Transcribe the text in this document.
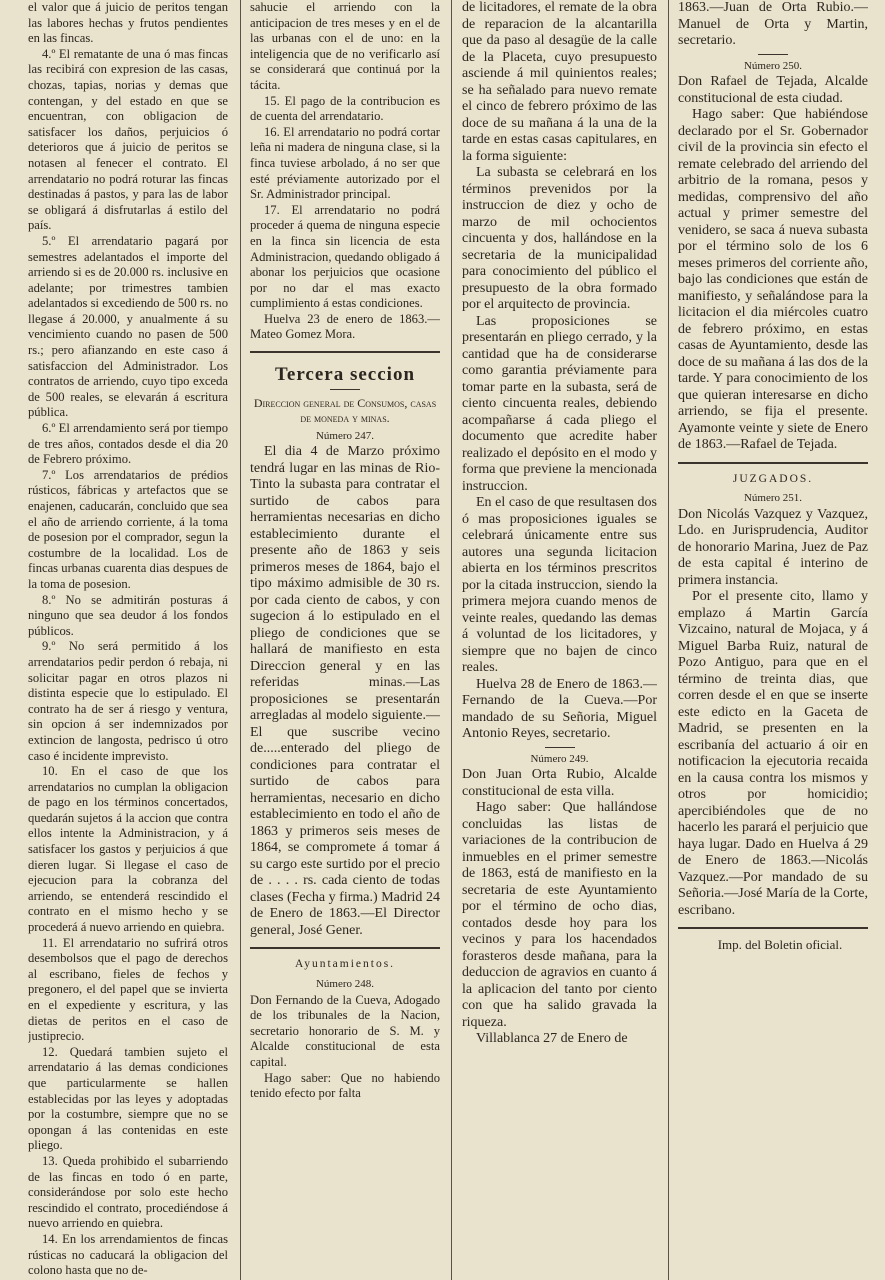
el valor que á juicio de peritos tengan las labores hechas y frutos pendientes en las fincas.

4.º El rematante de una ó mas fincas las recibirá con expresion de las casas, chozas, tapias, norias y demas que contengan, y del estado en que se encuentran, con obligacion de satisfacer los daños, perjuicios ó deterioros que á juicio de peritos se notasen al fenecer el contrato. El arrendatario no podrá roturar las fincas destinadas á pastos, y para las de labor se obligará á disfrutarlas á estilo del país.

5.º El arrendatario pagará por semestres adelantados el importe del arriendo si es de 20.000 rs. inclusive en adelante; por trimestres tambien adelantados si excediendo de 500 rs. no llegase á 20.000, y anualmente á su vencimiento cuando no pasen de 500 rs.; pero afianzando en este caso á satisfaccion del Administrador. Los contratos de arriendo, cuyo tipo exceda de 500 reales, se elevarán á escritura pública.

6.º El arrendamiento será por tiempo de tres años, contados desde el dia 20 de Febrero próximo.

7.º Los arrendatarios de prédios rústicos, fábricas y artefactos que se enajenen, caducarán, concluido que sea el año de arriendo corriente, á la toma de posesion por el comprador, segun la costumbre de la localidad. Los de fincas urbanas cuarenta dias despues de la toma de posesion.

8.º No se admitirán posturas á ninguno que sea deudor á los fondos públicos.

9.º No será permitido á los arrendatarios pedir perdon ó rebaja, ni solicitar pagar en otros plazos ni distinta especie que lo estipulado. El contrato ha de ser á riesgo y ventura, sin opcion á ser indemnizados por extincion de langosta, pedrisco ú otro caso é incidente imprevisto.

10. En el caso de que los arrendatarios no cumplan la obligacion de pago en los términos concertados, quedarán sujetos á la accion que contra ellos intente la Administracion, y á satisfacer los gastos y perjuicios á que dieren lugar. Si llegase el caso de ejecucion para la cobranza del arriendo, se entenderá rescindido el contrato en el mismo hecho y se procederá á nuevo arriendo en quiebra.

11. El arrendatario no sufrirá otros desembolsos que el pago de derechos al escribano, fieles de fechos y pregonero, el del papel que se invierta en el expediente y escritura, y las dietas de peritos en el caso de justiprecio.

12. Quedará tambien sujeto el arrendatario á las demas condiciones que particularmente se hallen establecidas por las leyes y adoptadas por la costumbre, siempre que no se opongan á las contenidas en este pliego.

13. Queda prohibido el subarriendo de las fincas en todo ó en parte, considerándose por solo este hecho rescindido el contrato, procediéndose á nuevo arriendo en quiebra.

14. En los arrendamientos de fincas rústicas no caducará la obligacion del colono hasta que no de-

sahucie el arriendo con la anticipacion de tres meses y en el de las urbanas con el de uno: en la inteligencia que de no verificarlo así se considerará que continuá por la tácita.

15. El pago de la contribucion es de cuenta del arrendatario.

16. El arrendatario no podrá cortar leña ni madera de ninguna clase, si la finca tuviese arbolado, á no ser que esté préviamente autorizado por el Sr. Administrador principal.

17. El arrendatario no podrá proceder á quema de ninguna especie en la finca sin licencia de esta Administracion, quedando obligado á abonar los perjuicios que ocasione por no dar el mas exacto cumplimiento á estas condiciones.

Huelva 23 de enero de 1863.—Mateo Gomez Mora.

Tercera seccion
Direccion general de Consumos, casas de moneda y minas.

Número 247.

El dia 4 de Marzo próximo tendrá lugar en las minas de Rio-Tinto la subasta para contratar el surtido de cabos para herramientas necesarias en dicho establecimiento durante el presente año de 1863 y seis primeros meses de 1864, bajo el tipo máximo admisible de 30 rs. por cada ciento de cabos, y con sugecion á lo estipulado en el pliego de condiciones que se hallará de manifiesto en esta Direccion general y en las referidas minas.—Las proposiciones se presentarán arregladas al modelo siguiente.—El que suscribe vecino de.....enterado del pliego de condiciones para contratar el surtido de cabos para herramientas, necesario en dicho establecimiento en todo el año de 1863 y primeros seis meses de 1864, se compromete á tomar á su cargo este surtido por el precio de . . . . rs. cada ciento de todas clases (Fecha y firma.) Madrid 24 de Enero de 1863.—El Director general, José Gener.

Ayuntamientos.

Número 248.

Don Fernando de la Cueva, Adogado de los tribunales de la Nacion, secretario honorario de S. M. y Alcalde constitucional de esta capital.

Hago saber: Que no habiendo tenido efecto por falta

de licitadores, el remate de la obra de reparacion de la alcantarilla que da paso al desagüe de la calle de la Placeta, cuyo presupuesto asciende á mil quinientos reales; se ha señalado para nuevo remate el cinco de febrero próximo de las doce de su mañana á la una de la tarde en estas casas capitulares, en la forma siguiente:

La subasta se celebrará en los términos prevenidos por la instruccion de diez y ocho de marzo de mil ochocientos cincuenta y dos, hallándose en la secretaria de la municipalidad para conocimiento del público el presupuesto de la obra formado por el arquitecto de provincia.

Las proposiciones se presentarán en pliego cerrado, y la cantidad que ha de considerarse como garantia préviamente para tomar parte en la subasta, será de ciento cincuenta reales, debiendo acompañarse á cada pliego el documento que acredite haber realizado el depósito en el modo y forma que previene la mencionada instruccion.

En el caso de que resultasen dos ó mas proposiciones iguales se celebrará únicamente entre sus autores una segunda licitacion abierta en los términos prescritos por la citada instruccion, siendo la primera mejora cuando menos de veinte reales, quedando las demas á voluntad de los licitadores, y siempre que no bajen de cinco reales.

Huelva 28 de Enero de 1863.—Fernando de la Cueva.—Por mandado de su Señoria, Miguel Antonio Reyes, secretario.

Número 249.

Don Juan Orta Rubio, Alcalde constitucional de esta villa.

Hago saber: Que hallándose concluidas las listas de variaciones de la contribucion de inmuebles en el primer semestre de 1863, está de manifiesto en la secretaria de este Ayuntamiento por el término de ocho dias, contados desde hoy para los vecinos y para los hacendados forasteros desde mañana, para la deduccion de agravios en cuanto á la aplicacion del tanto por ciento con que ha salido gravada la riqueza.

Villablanca 27 de Enero de

1863.—Juan de Orta Rubio.—Manuel de Orta y Martin, secretario.

Número 250.

Don Rafael de Tejada, Alcalde constitucional de esta ciudad.

Hago saber: Que habiéndose declarado por el Sr. Gobernador civil de la provincia sin efecto el remate celebrado del arriendo del arbitrio de la romana, pesos y medidas, comprensivo del año actual y primer semestre del venidero, se saca á nueva subasta por el término solo de los 6 meses primeros del corriente año, bajo las condiciones que están de manifiesto, y señalándose para la licitacion el dia miércoles cuatro de febrero próximo, en estas casas de Ayuntamiento, desde las doce de su mañana á las dos de la tarde. Y para conocimiento de los que quieran interesarse en dicho arriendo, se fija el presente. Ayamonte veinte y siete de Enero de 1863.—Rafael de Tejada.

JUZGADOS.

Número 251.

Don Nicolás Vazquez y Vazquez, Ldo. en Jurisprudencia, Auditor de honorario Marina, Juez de Paz de esta capital é interino de primera instancia.

Por el presente cito, llamo y emplazo á Martin García Vizcaino, natural de Mojaca, y á Miguel Barba Ruiz, natural de Pozo Antiguo, para que en el término de treinta dias, que corren desde el en que se inserte este edicto en la Gaceta de Madrid, se presenten en la escribanía del actuario á oir en notificacion la ejecutoria recaida en la causa contra los mismos y otros por homicidio; apercibiéndoles que de no hacerlo les parará el perjuicio que haya lugar. Dado en Huelva á 29 de Enero de 1863.—Nicolás Vazquez.—Por mandado de su Señoria.—José María de la Corte, escribano.

Imp. del Boletin oficial.
